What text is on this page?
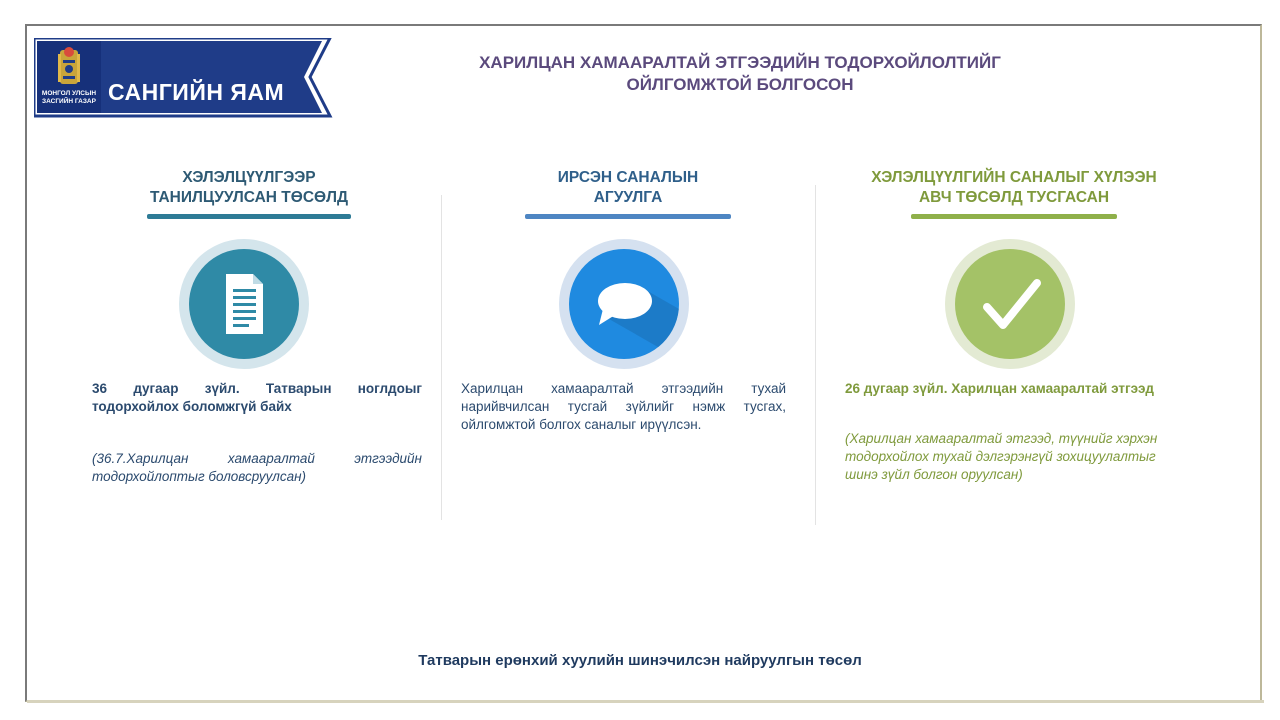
МОНГОЛ УЛСЫН ЗАСГИЙН ГАЗАР САНГИЙН ЯАМ
ХАРИЛЦАН ХАМААРАЛТАЙ ЭТГЭЭДИЙН ТОДОРХОЙЛОЛТИЙГ
ОЙЛГОМЖТОЙ БОЛГОСОН
ХЭЛЭЛЦҮҮЛГЭЭР
ТАНИЛЦУУЛСАН ТӨСӨЛД
36 дугаар зүйл. Татварын ноглдоыг тодорхойлох боломжгүй байх
(36.7.Харилцан хамааралтай этгээдийн тодорхойлоптыг боловсруулсан)
ИРСЭН САНАЛЫН
АГУУЛГА
Харилцан хамааралтай этгээдийн тухай нарийвчилсан тусгай зүйлийг нэмж тусгах, ойлгомжтой болгох саналыг ирүүлсэн.
ХЭЛЭЛЦҮҮЛГИЙН САНАЛЫГ ХҮЛЭЭН
АВЧ ТӨСӨЛД ТУСГАСАН
26 дугаар зүйл. Харилцан хамааралтай этгээд
(Харилцан хамааралтай этгээд, түүнийг хэрхэн тодорхойлох тухай дэлгэрэнгүй зохицуулалтыг шинэ зүйл болгон оруулсан)
Татварын ерөнхий хуулийн шинэчилсэн найруулгын төсөл
